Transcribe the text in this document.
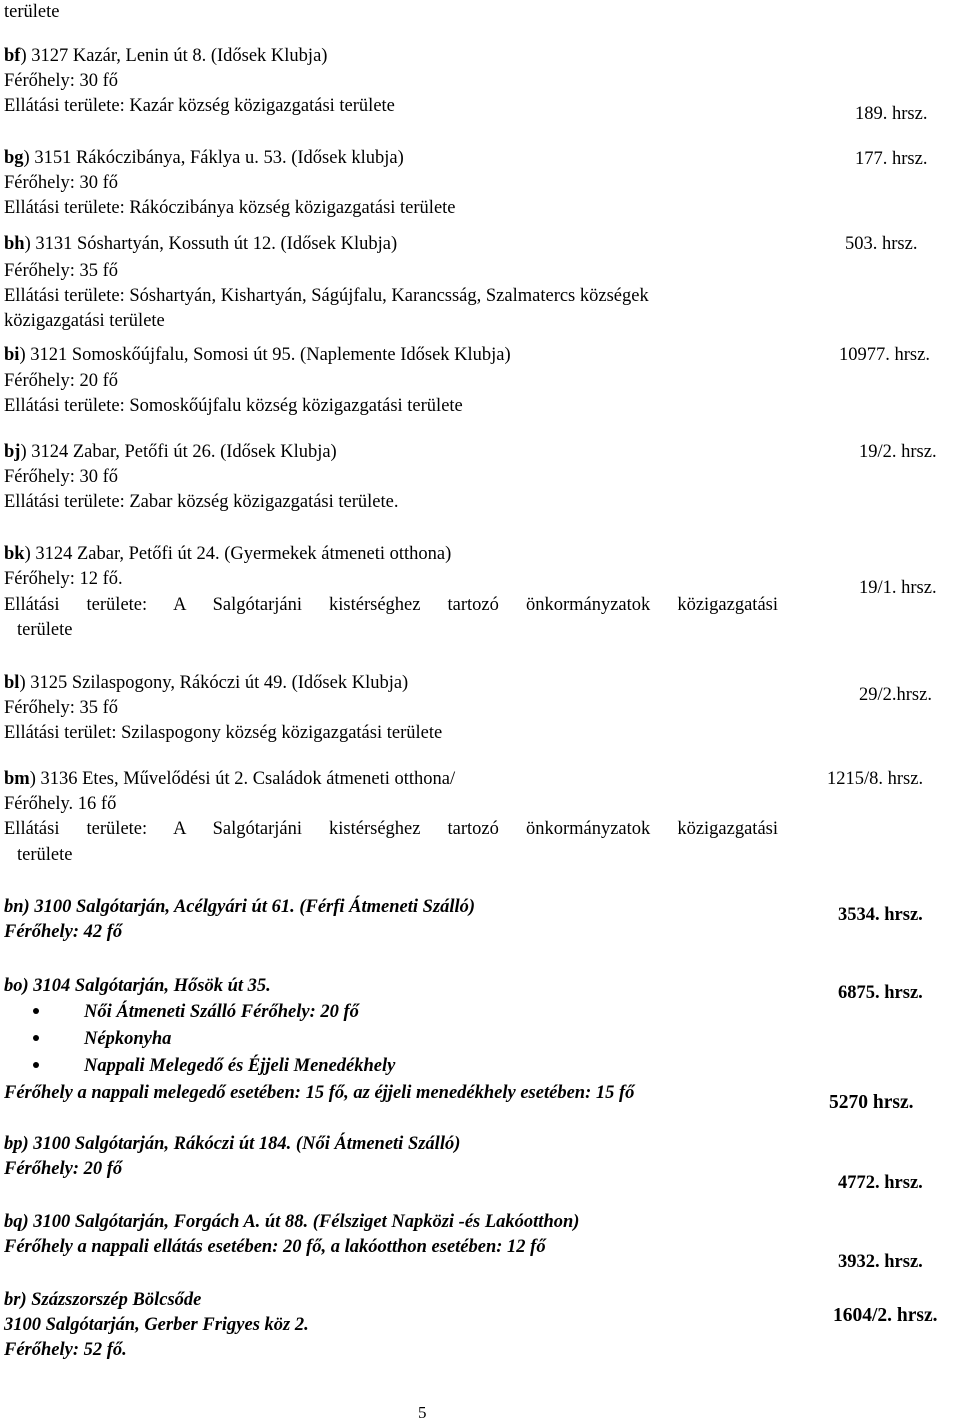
területe
bf) 3127 Kazár, Lenin út 8. (Idősek Klubja)
Férőhely: 30 fő
Ellátási területe: Kazár község közigazgatási területe	189. hrsz.
bg) 3151 Rákóczibánya, Fáklya u. 53. (Idősek klubja)
Férőhely: 30 fő
Ellátási területe: Rákóczibánya község közigazgatási területe
177. hrsz.
bh) 3131 Sóshartyán, Kossuth út 12. (Idősek Klubja)
Férőhely: 35 fő
Ellátási területe: Sóshartyán, Kishartyán, Ságújfalu, Karancsság, Szalmatercs községek
közigazgatási területe
503. hrsz.
bi) 3121 Somoskőújfalu, Somosi út 95. (Naplemente Idősek Klubja)
Férőhely: 20 fő
Ellátási területe: Somoskőújfalu község közigazgatási területe
10977. hrsz.
bj) 3124 Zabar, Petőfi út 26. (Idősek Klubja)
Férőhely: 30 fő
Ellátási területe: Zabar község közigazgatási területe.
19/2. hrsz.
bk) 3124 Zabar, Petőfi út 24. (Gyermekek átmeneti otthona)
Férőhely: 12 fő.
Ellátási területe: A Salgótarjáni kistérséghez tartozó önkormányzatok közigazgatási
területe
19/1. hrsz.
bl) 3125 Szilaspogony, Rákóczi út 49. (Idősek Klubja)
Férőhely: 35 fő
Ellátási terület: Szilaspogony község közigazgatási területe
29/2.hrsz.
bm) 3136 Etes, Művelődési út 2. Családok átmeneti otthona/
Férőhely. 16 fő
Ellátási területe: A Salgótarjáni kistérséghez tartozó önkormányzatok közigazgatási
területe
1215/8. hrsz.
bn) 3100 Salgótarján, Acélgyári út 61. (Férfi Átmeneti Szálló)
Férőhely: 42 fő
3534. hrsz.
bo) 3104 Salgótarján, Hősök út 35.
Női Átmeneti Szálló Férőhely: 20 fő
Népkonyha
Nappali Melegedő és Éjjeli Menedékhely
Férőhely a nappali melegedő esetében: 15 fő, az éjjeli menedékhely esetében: 15 fő
6875. hrsz.
5270 hrsz.
bp) 3100 Salgótarján, Rákóczi út 184. (Női Átmeneti Szálló)
Férőhely: 20 fő
4772. hrsz.
bq) 3100 Salgótarján, Forgách A. út 88. (Félsziget Napközi -és Lakóotthon)
Férőhely a nappali ellátás esetében: 20 fő, a lakóotthon esetében: 12 fő
3932. hrsz.
br) Százszorszép Bölcsőde
3100 Salgótarján, Gerber Frigyes köz 2.
Férőhely: 52 fő.
1604/2. hrsz.
5
